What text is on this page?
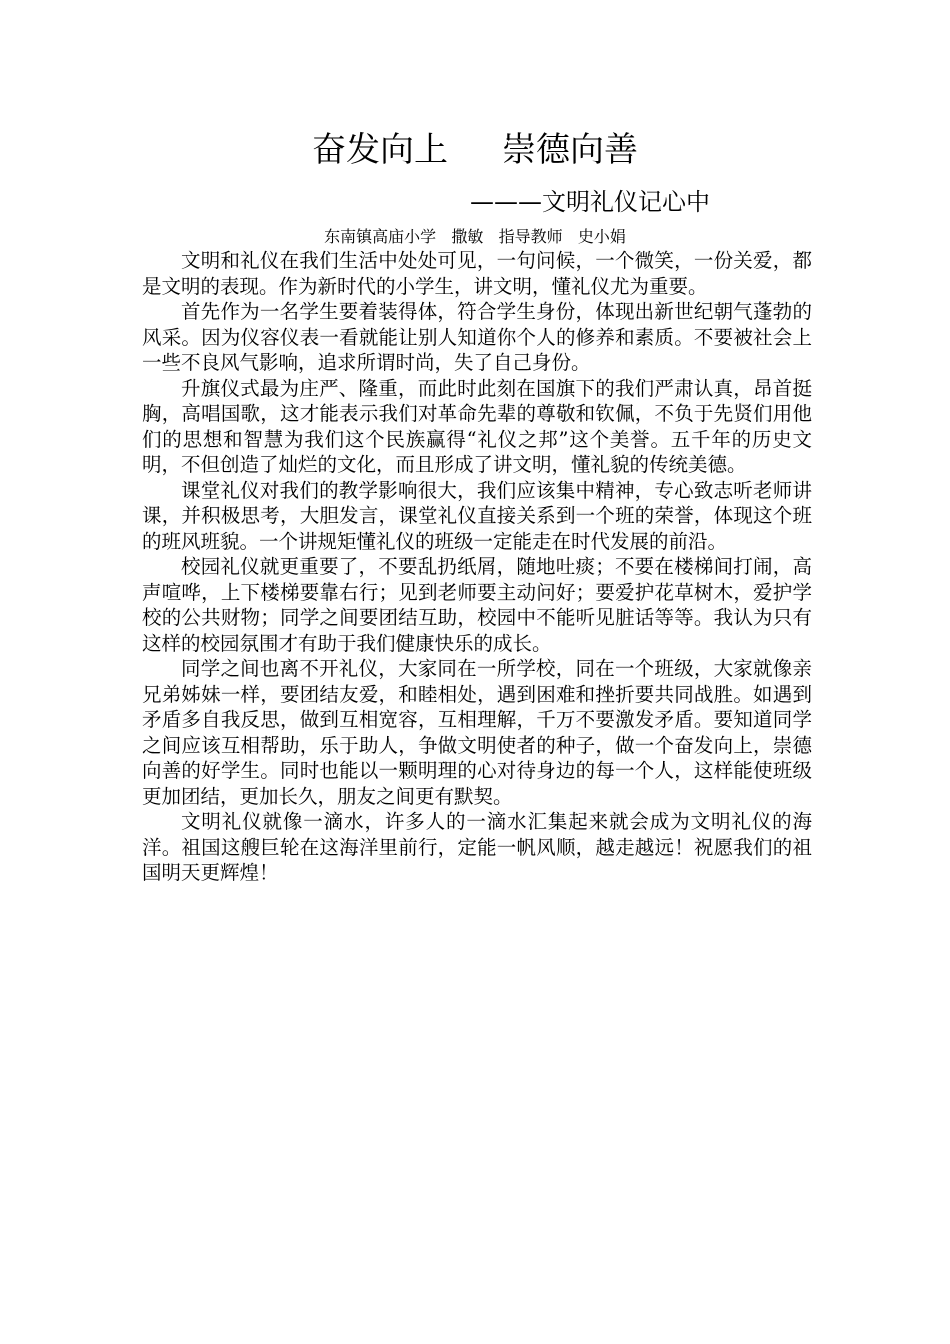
奋发向上     崇德向善
———文明礼仪记心中
东南镇高庙小学   撒敏   指导教师   史小娟

文明和礼仪在我们生活中处处可见，一句问候，一个微笑，一份关爱，都是文明的表现。作为新时代的小学生，讲文明，懂礼仪尤为重要。

首先作为一名学生要着装得体，符合学生身份，体现出新世纪朝气蓬勃的风采。因为仪容仪表一看就能让别人知道你个人的修养和素质。不要被社会上一些不良风气影响，追求所谓时尚，失了自己身份。

升旗仪式最为庄严、隆重，而此时此刻在国旗下的我们严肃认真，昂首挺胸，高唱国歌，这才能表示我们对革命先辈的尊敬和钦佩，不负于先贤们用他们的思想和智慧为我们这个民族赢得“礼仪之邦”这个美誉。五千年的历史文明，不但创造了灿烂的文化，而且形成了讲文明，懂礼貌的传统美德。

课堂礼仪对我们的教学影响很大，我们应该集中精神，专心致志听老师讲课，并积极思考，大胆发言，课堂礼仪直接关系到一个班的荣誉，体现这个班的班风班貌。一个讲规矩懂礼仪的班级一定能走在时代发展的前沿。

校园礼仪就更重要了，不要乱扔纸屑，随地吐痰；不要在楼梯间打闹，高声喧哗，上下楼梯要靠右行；见到老师要主动问好；要爱护花草树木，爱护学校的公共财物；同学之间要团结互助，校园中不能听见脏话等等。我认为只有这样的校园氛围才有助于我们健康快乐的成长。

同学之间也离不开礼仪，大家同在一所学校，同在一个班级，大家就像亲兄弟姊妹一样，要团结友爱，和睦相处，遇到困难和挫折要共同战胜。如遇到矛盾多自我反思，做到互相宽容，互相理解，千万不要激发矛盾。要知道同学之间应该互相帮助，乐于助人，争做文明使者的种子，做一个奋发向上，崇德向善的好学生。同时也能以一颗明理的心对待身边的每一个人，这样能使班级更加团结，更加长久，朋友之间更有默契。

文明礼仪就像一滴水，许多人的一滴水汇集起来就会成为文明礼仪的海洋。祖国这艘巨轮在这海洋里前行，定能一帆风顺，越走越远！祝愿我们的祖国明天更辉煌！
